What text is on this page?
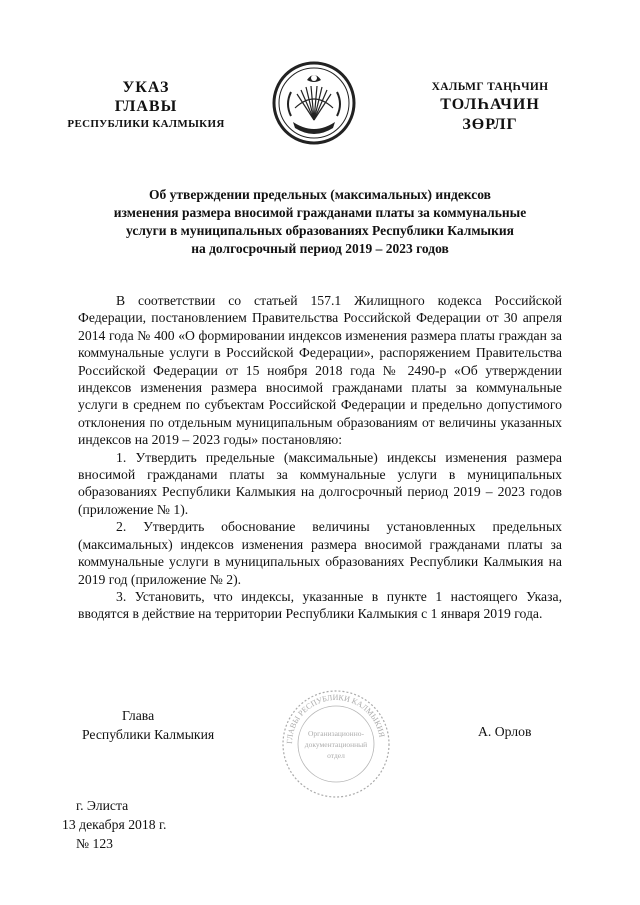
УКАЗ
ГЛАВЫ
РЕСПУБЛИКИ КАЛМЫКИЯ
ХАЛЬМГ ТАҢҺЧИН
ТОЛҺАЧИН
ЗӨРЛГ
Об утверждении предельных (максимальных) индексов
изменения размера вносимой гражданами платы за коммунальные
услуги в муниципальных образованиях Республики Калмыкия
на долгосрочный период 2019 – 2023 годов

В соответствии со статьей 157.1 Жилищного кодекса Российской Федерации, постановлением Правительства Российской Федерации от 30 апреля 2014 года № 400 «О формировании индексов изменения размера платы граждан за коммунальные услуги в Российской Федерации», распоряжением Правительства Российской Федерации от 15 ноября 2018 года № 2490-р «Об утверждении индексов изменения размера вносимой гражданами платы за коммунальные услуги в среднем по субъектам Российской Федерации и предельно допустимого отклонения по отдельным муниципальным образованиям от величины указанных индексов на 2019 – 2023 годы» постановляю:

1. Утвердить предельные (максимальные) индексы изменения размера вносимой гражданами платы за коммунальные услуги в муниципальных образованиях Республики Калмыкия на долгосрочный период 2019 – 2023 годов (приложение № 1).

2. Утвердить обоснование величины установленных предельных (максимальных) индексов изменения размера вносимой гражданами платы за коммунальные услуги в муниципальных образованиях Республики Калмыкия на 2019 год (приложение № 2).

3. Установить, что индексы, указанные в пункте 1 настоящего Указа, вводятся в действие на территории Республики Калмыкия с 1 января 2019 года.

Глава
Республики Калмыкия	ГЛАВЫ РЕСПУБЛИКИ КАЛМЫКИЯ
Организационно-
документационный
отдел
А. Орлов
г. Элиста
13 декабря 2018 г.
№ 123
